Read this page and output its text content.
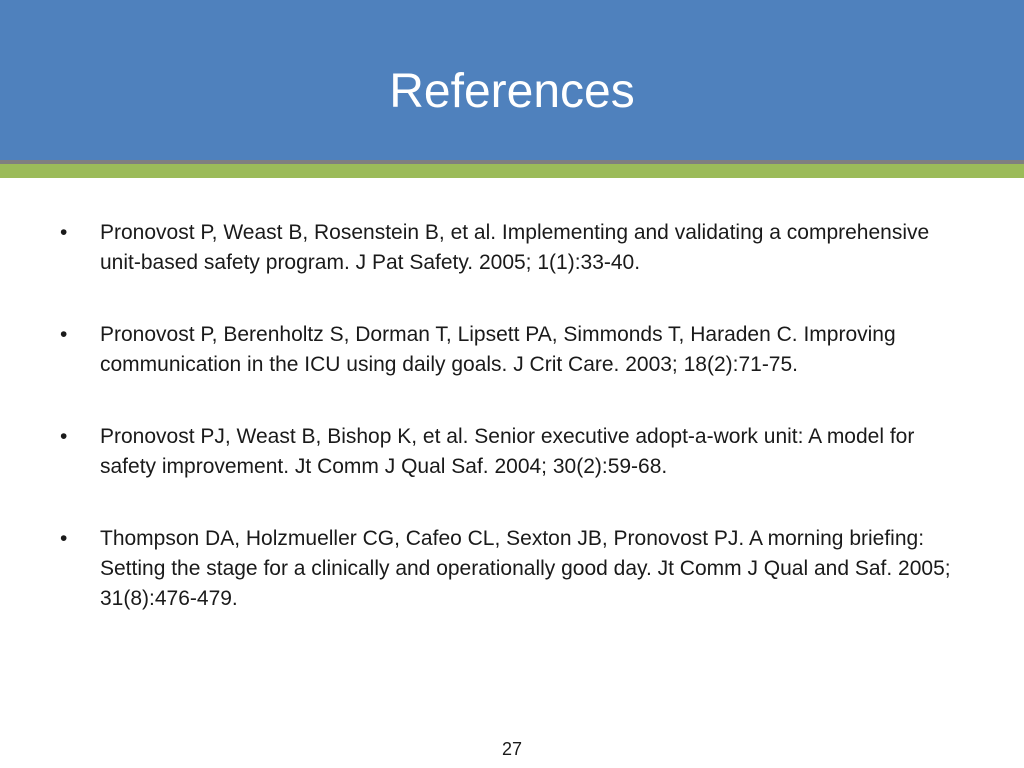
References
•	Pronovost P, Weast B, Rosenstein B, et al. Implementing and validating a comprehensive unit-based safety program. J Pat Safety. 2005; 1(1):33-40.
•	Pronovost P, Berenholtz S, Dorman T, Lipsett PA, Simmonds T, Haraden C. Improving communication in the ICU using daily goals. J Crit Care. 2003; 18(2):71-75.
•	Pronovost PJ, Weast B, Bishop K, et al. Senior executive adopt-a-work unit: A model for safety improvement. Jt Comm J Qual Saf. 2004; 30(2):59-68.
•	Thompson DA, Holzmueller CG, Cafeo CL, Sexton JB, Pronovost PJ. A morning briefing: Setting the stage for a clinically and operationally good day. Jt Comm J Qual and Saf. 2005; 31(8):476-479.
27
